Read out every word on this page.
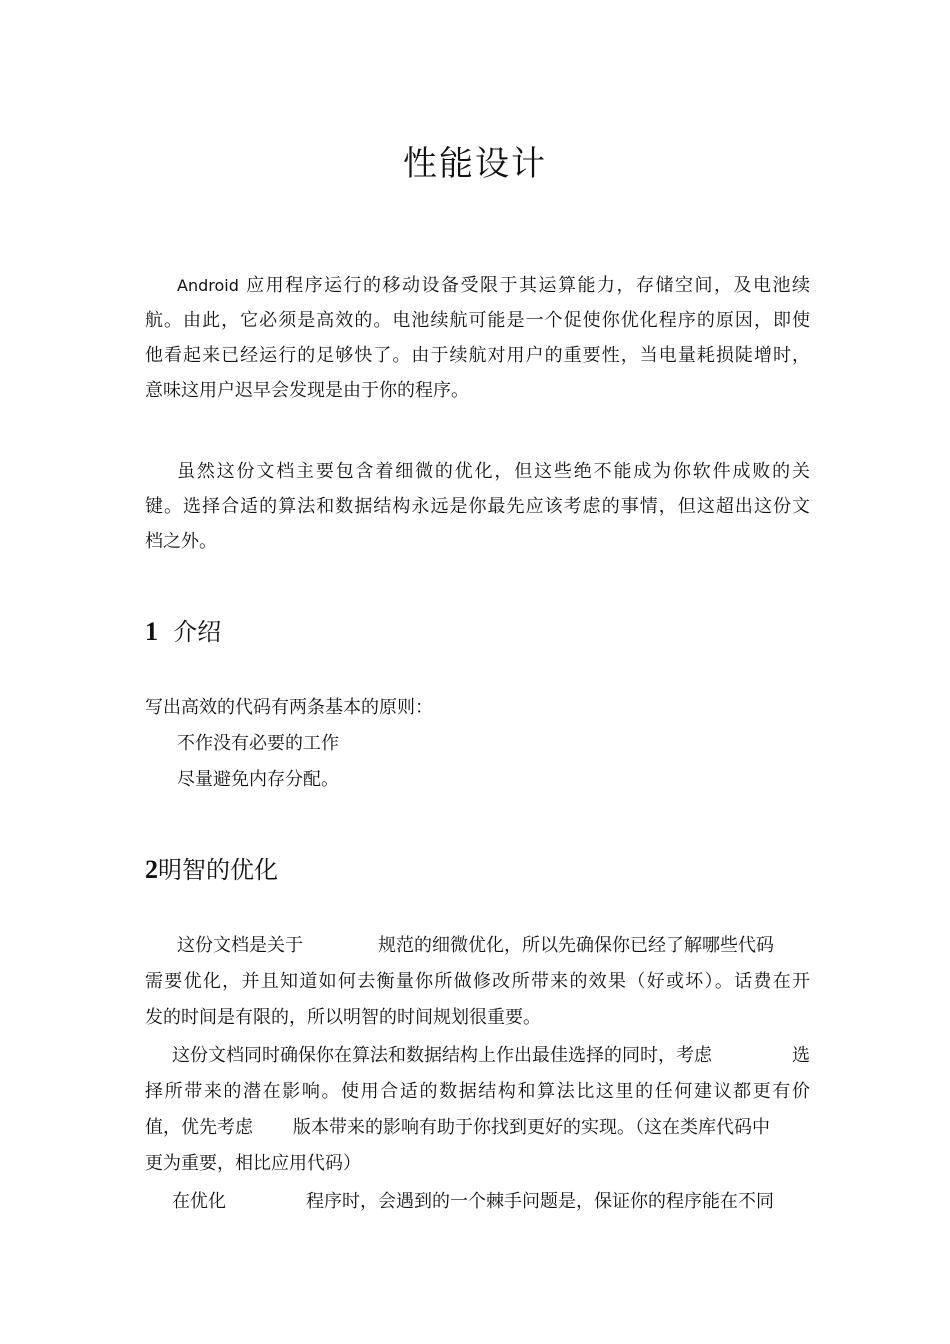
性能设计
Android 应用程序运行的移动设备受限于其运算能力，存储空间，及电池续
航。由此，它必须是高效的。电池续航可能是一个促使你优化程序的原因，即使
他看起来已经运行的足够快了。由于续航对用户的重要性，当电量耗损陡增时，
意味这用户迟早会发现是由于你的程序。
虽然这份文档主要包含着细微的优化，但这些绝不能成为你软件成败的关
键。选择合适的算法和数据结构永远是你最先应该考虑的事情，但这超出这份文
档之外。
1 介绍
写出高效的代码有两条基本的原则：
不作没有必要的工作
尽量避免内存分配。
2明智的优化
这份文档是关于	规范的细微优化，所以先确保你已经了解哪些代码
需要优化，并且知道如何去衡量你所做修改所带来的效果（好或坏）。话费在开
发的时间是有限的，所以明智的时间规划很重要。
这份文档同时确保你在算法和数据结构上作出最佳选择的同时，考虑	选
择所带来的潜在影响。使用合适的数据结构和算法比这里的任何建议都更有价
值，优先考虑 版本带来的影响有助于你找到更好的实现。（这在类库代码中
更为重要，相比应用代码）
在优化	程序时，会遇到的一个棘手问题是，保证你的程序能在不同
